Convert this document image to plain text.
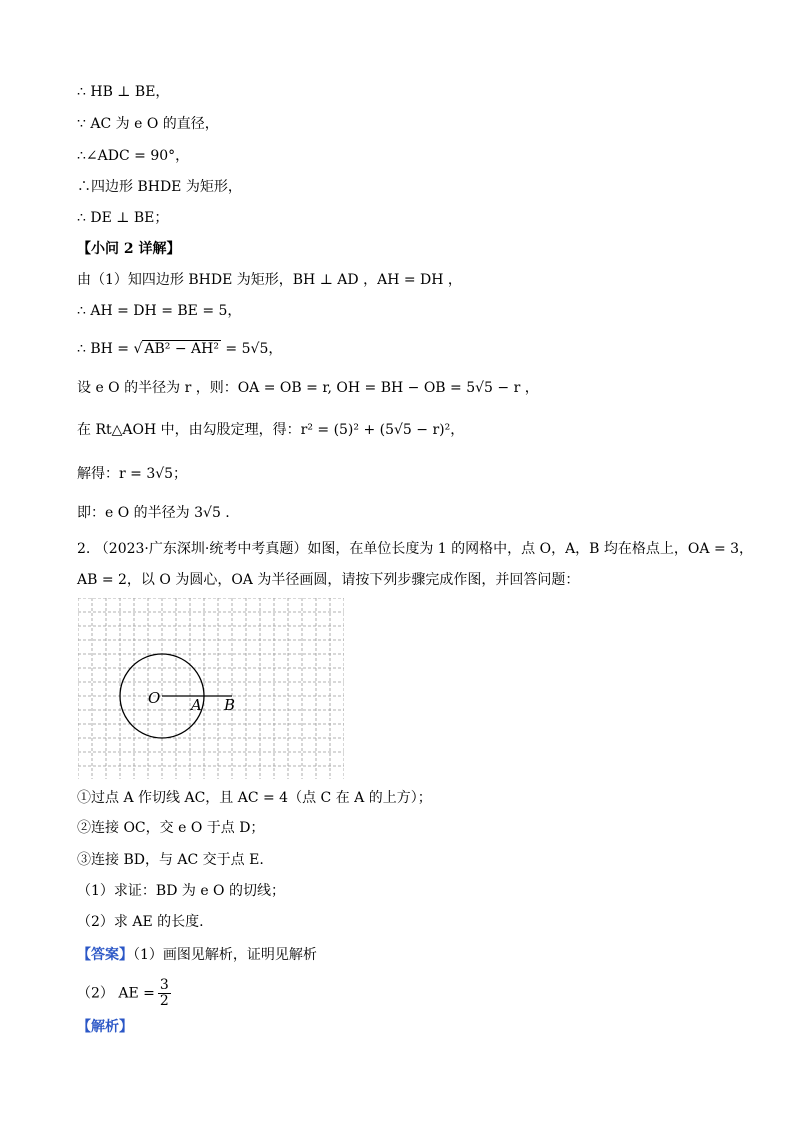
∴ HB ⊥ BE，
∵ AC 为 e O 的直径，
∴∠ADC = 90°，
∴四边形 BHDE 为矩形，
∴ DE ⊥ BE；
【小问 2 详解】
由（1）知四边形 BHDE 为矩形，BH ⊥ AD ，AH = DH ，
∴ AH = DH = BE = 5，
∴ BH = √ AB² − AH² = 5√5，
设 e O 的半径为 r ，则：OA = OB = r, OH = BH − OB = 5√5 − r ，
在 Rt△AOH 中，由勾股定理，得：r² = (5)² + (5√5 − r)²，
解得：r = 3√5；
即：e O 的半径为 3√5 .
2. （2023·广东深圳·统考中考真题）如图，在单位长度为 1 的网格中，点 O，A，B 均在格点上，OA = 3，
AB = 2，以 O 为圆心，OA 为半径画圆，请按下列步骤完成作图，并回答问题：
O A B
①过点 A 作切线 AC，且 AC = 4（点 C 在 A 的上方）；
②连接 OC，交 e O 于点 D；
③连接 BD，与 AC 交于点 E.
（1）求证：BD 为 e O 的切线；
（2）求 AE 的长度.
【答案】（1）画图见解析，证明见解析
（2） AE = $\frac{3}{2}$
【解析】
